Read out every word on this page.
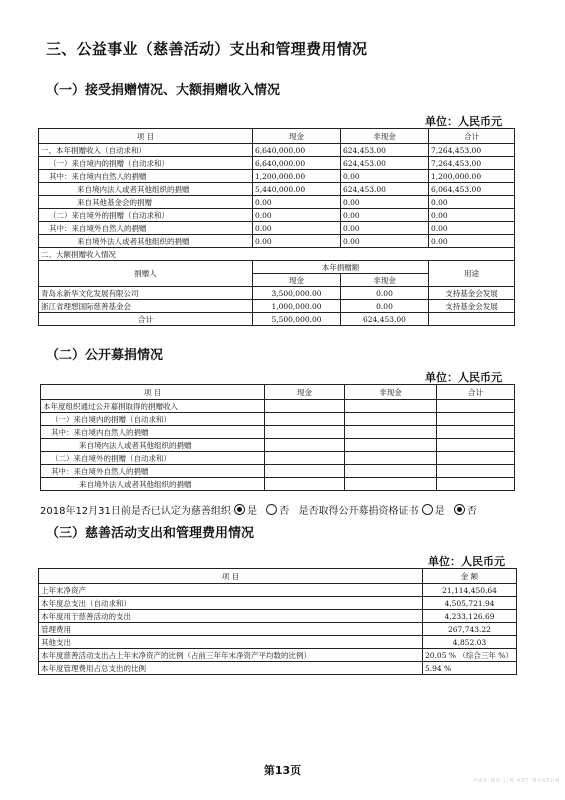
三、公益事业（慈善活动）支出和管理费用情况
（一）接受捐赠情况、大额捐赠收入情况
单位：人民币元
项 目	现金	非现金	合计
一、本年捐赠收入（自动求和）	6,640,000.00	624,453.00	7,264,453.00
（一）来自境内的捐赠（自动求和）	6,640,000.00	624,453.00	7,264,453.00
其中：来自境内自然人的捐赠	1,200,000.00	0.00	1,200,000.00
来自境内法人或者其他组织的捐赠	5,440,000.00	624,453.00	6,064,453.00
来自其他基金会的捐赠	0.00	0.00	0.00
（二）来自境外的捐赠（自动求和）	0.00	0.00	0.00
其中：来自境外自然人的捐赠	0.00	0.00	0.00
来自境外法人或者其他组织的捐赠	0.00	0.00	0.00
二、大额捐赠收入情况			
捐赠人	本年捐赠额		用途
	现金	非现金	
青岛永新华文化发展有限公司	3,500,000.00	0.00	支持基金会发展
浙江省理想国际慈善基金会	1,000,000.00	0.00	支持基金会发展
合计	5,500,000.00	624,453.00	
（二）公开募捐情况
单位：人民币元
项 目	现金	非现金	合计
本年度组织通过公开募捐取得的捐赠收入			
（一）来自境内的捐赠（自动求和）			
其中：来自境内自然人的捐赠			
来自境内法人或者其他组织的捐赠			
（二）来自境外的捐赠（自动求和）			
其中：来自境外自然人的捐赠			
来自境外法人或者其他组织的捐赠			
2018年12月31日前是否已认定为慈善组织 是 否 是否取得公开募捐资格证书 是 否
（三）慈善活动支出和管理费用情况
单位：人民币元
项 目	金 额
上年末净资产	21,114,450.64
本年度总支出（自动求和）	4,505,721.94
本年度用于慈善活动的支出	4,233,126.69
管理费用	267,743.22
其他支出	4,852.03
本年度慈善活动支出占上年末净资产的比例（占前三年年末净资产平均数的比例）	20.05 % （综合三年 %）
本年度管理费用占总支出的比例	5.94 %
第13页
HAN MO LIN ART MUSEUM
